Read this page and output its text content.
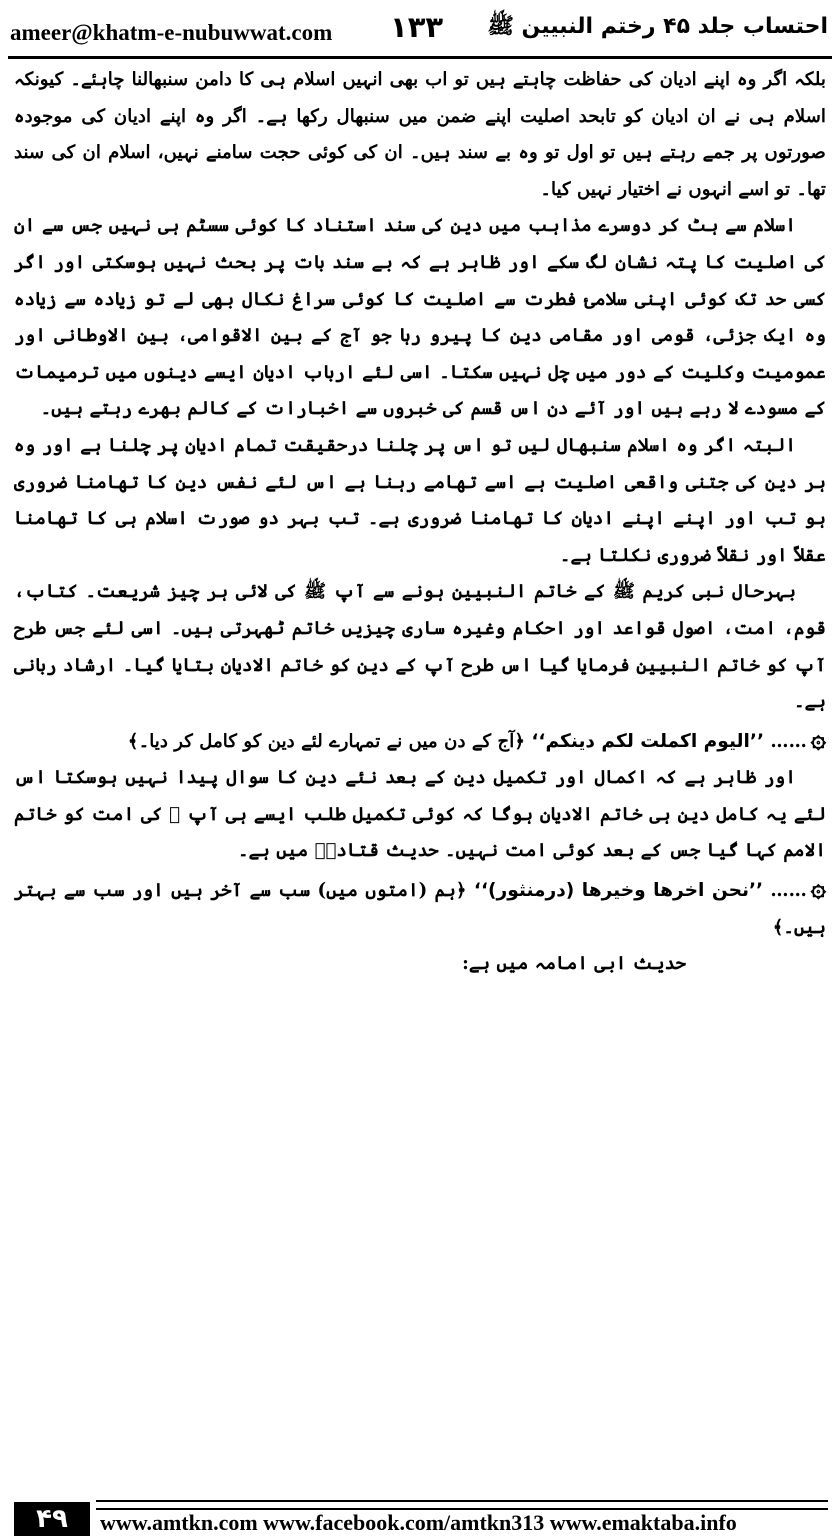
ameer@khatm-e-nubuwwat.com ۱۳۳ احتساب جلد ۴۵ رختم النبیین ﷺ

بلکہ اگر وہ اپنے ادیان کی حفاظت چاہتے ہیں تو اب بھی انہیں اسلام ہی کا دامن سنبھالنا چاہئے۔ کیونکہ اسلام ہی نے ان ادیان کو تابحد اصلیت اپنے ضمن میں سنبھال رکھا ہے۔ اگر وہ اپنے ادیان کی موجودہ صورتوں پر جمے رہتے ہیں تو اول تو وہ بے سند ہیں۔ ان کی کوئی حجت سامنے نہیں، اسلام ان کی سند تھا۔ تو اسے انہوں نے اختیار نہیں کیا۔

اسلام سے ہٹ کر دوسرے مذاہب میں دین کی سند استناد کا کوئی سسٹم ہی نہیں جس سے ان کی اصلیت کا پتہ نشان لگ سکے اور ظاہر ہے کہ بے سند بات پر بحث نہیں ہوسکتی اور اگر کسی حد تک کوئی اپنی سلامیٔ فطرت سے اصلیت کا کوئی سراغ نکال بھی لے تو زیادہ سے زیادہ وہ ایک جزئی، قومی اور مقامی دین کا پیرو رہا جو آج کے بین الاقوامی، بین الاوطانی اور عمومیت وکلیت کے دور میں چل نہیں سکتا۔ اسی لئے ارباب ادیان ایسے دینوں میں ترمیمات کے مسودے لا رہے ہیں اور آئے دن اس قسم کی خبروں سے اخبارات کے کالم بھرے رہتے ہیں۔

البتہ اگر وہ اسلام سنبھال لیں تو اس پر چلنا درحقیقت تمام ادیان پر چلنا ہے اور وہ ہر دین کی جتنی واقعی اصلیت ہے اسے تھامے رہنا ہے اس لئے نفس دین کا تھامنا ضروری ہو تب اور اپنے اپنے ادیان کا تھامنا ضروری ہے۔ تب بہر دو صورت اسلام ہی کا تھامنا عقلاً اور نقلاً ضروری نکلتا ہے۔

بہرحال نبی کریم ﷺ کے خاتم النبیین ہونے سے آپ ﷺ کی لائی ہر چیز شریعت۔ کتاب، قوم، امت، اصول قواعد اور احکام وغیرہ ساری چیزیں خاتم ٹھہرتی ہیں۔ اسی لئے جس طرح آپ کو خاتم النبیین فرمایا گیا اس طرح آپ کے دین کو خاتم الادیان بتایا گیا۔ ارشاد ربانی ہے۔

۞…… ’’الیوم اکملت لکم دینکم‘‘ ﴿آج کے دن میں نے تمہارے لئے دین کو کامل کر دیا۔﴾

اور ظاہر ہے کہ اکمال اور تکمیل دین کے بعد نئے دین کا سوال پیدا نہیں ہوسکتا اس لئے یہ کامل دین ہی خاتم الادیان ہوگا کہ کوئی تکمیل طلب ایسے ہی آپ ﷺ کی امت کو خاتم الامم کہا گیا جس کے بعد کوئی امت نہیں۔ حدیث قتادہؓ میں ہے۔

۞…… ’’نحن اخرھا وخیرھا (درمنثور)‘‘ ﴿ہم (امتوں میں) سب سے آخر ہیں اور سب سے بہتر ہیں۔﴾

حدیث ابی امامہ میں ہے:

۴۹	www.amtkn.com www.facebook.com/amtkn313 www.emaktaba.info
